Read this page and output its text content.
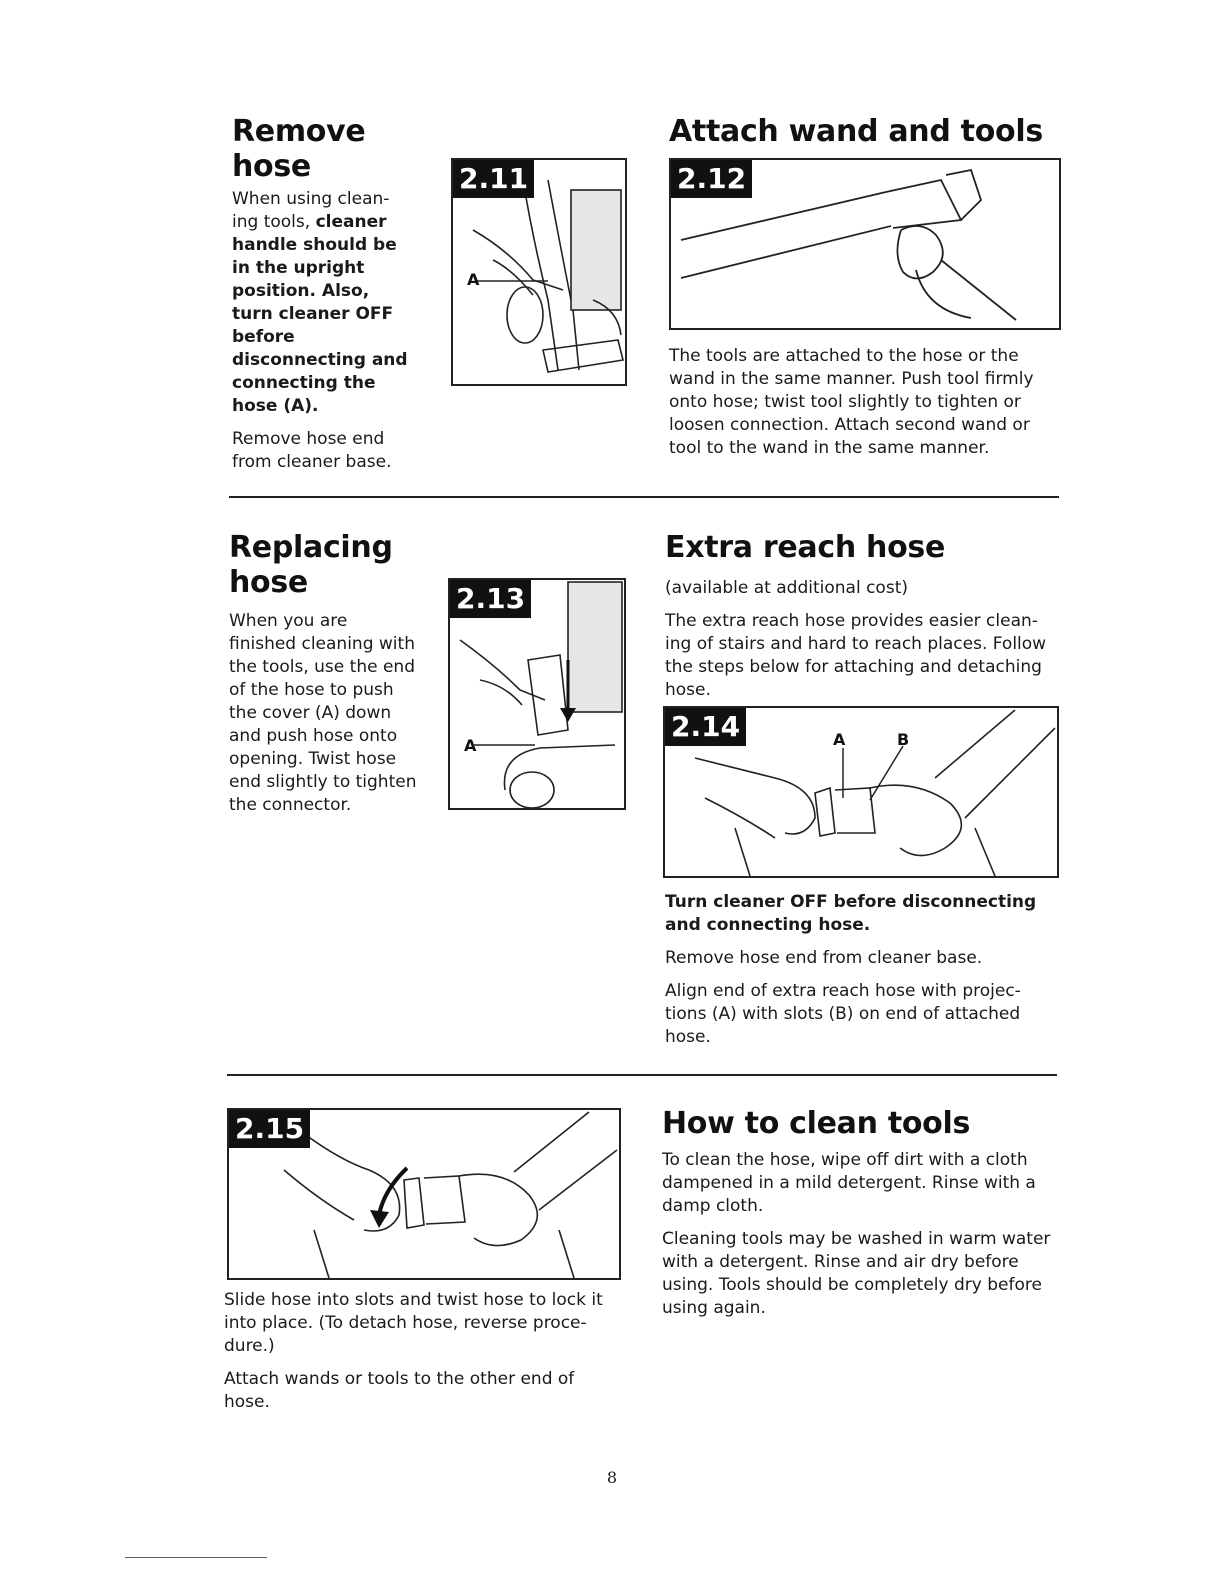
Remove hose

When using clean- ing tools, cleaner handle should be in the upright position. Also, turn cleaner OFF before disconnecting and connecting the hose (A).

Remove hose end from cleaner base.

2.11
A
Attach wand and tools
2.12

The tools are attached to the hose or the wand in the same manner. Push tool firmly onto hose; twist tool slightly to tighten or loosen connection. Attach second wand or tool to the wand in the same manner.

Replacing hose

When you are finished cleaning with the tools, use the end of the hose to push the cover (A) down and push hose onto opening. Twist hose end slightly to tighten the connector.

2.13
A
Extra reach hose

(available at additional cost)

The extra reach hose provides easier clean- ing of stairs and hard to reach places. Follow the steps below for attaching and detaching hose.

2.14	A	B

Turn cleaner OFF before disconnecting and connecting hose.

Remove hose end from cleaner base.

Align end of extra reach hose with projec- tions (A) with slots (B) on end of attached hose.

2.15

Slide hose into slots and twist hose to lock it into place. (To detach hose, reverse proce- dure.)

Attach wands or tools to the other end of hose.

How to clean tools

To clean the hose, wipe off dirt with a cloth dampened in a mild detergent. Rinse with a damp cloth.

Cleaning tools may be washed in warm water with a detergent. Rinse and air dry before using. Tools should be completely dry before using again.

8
